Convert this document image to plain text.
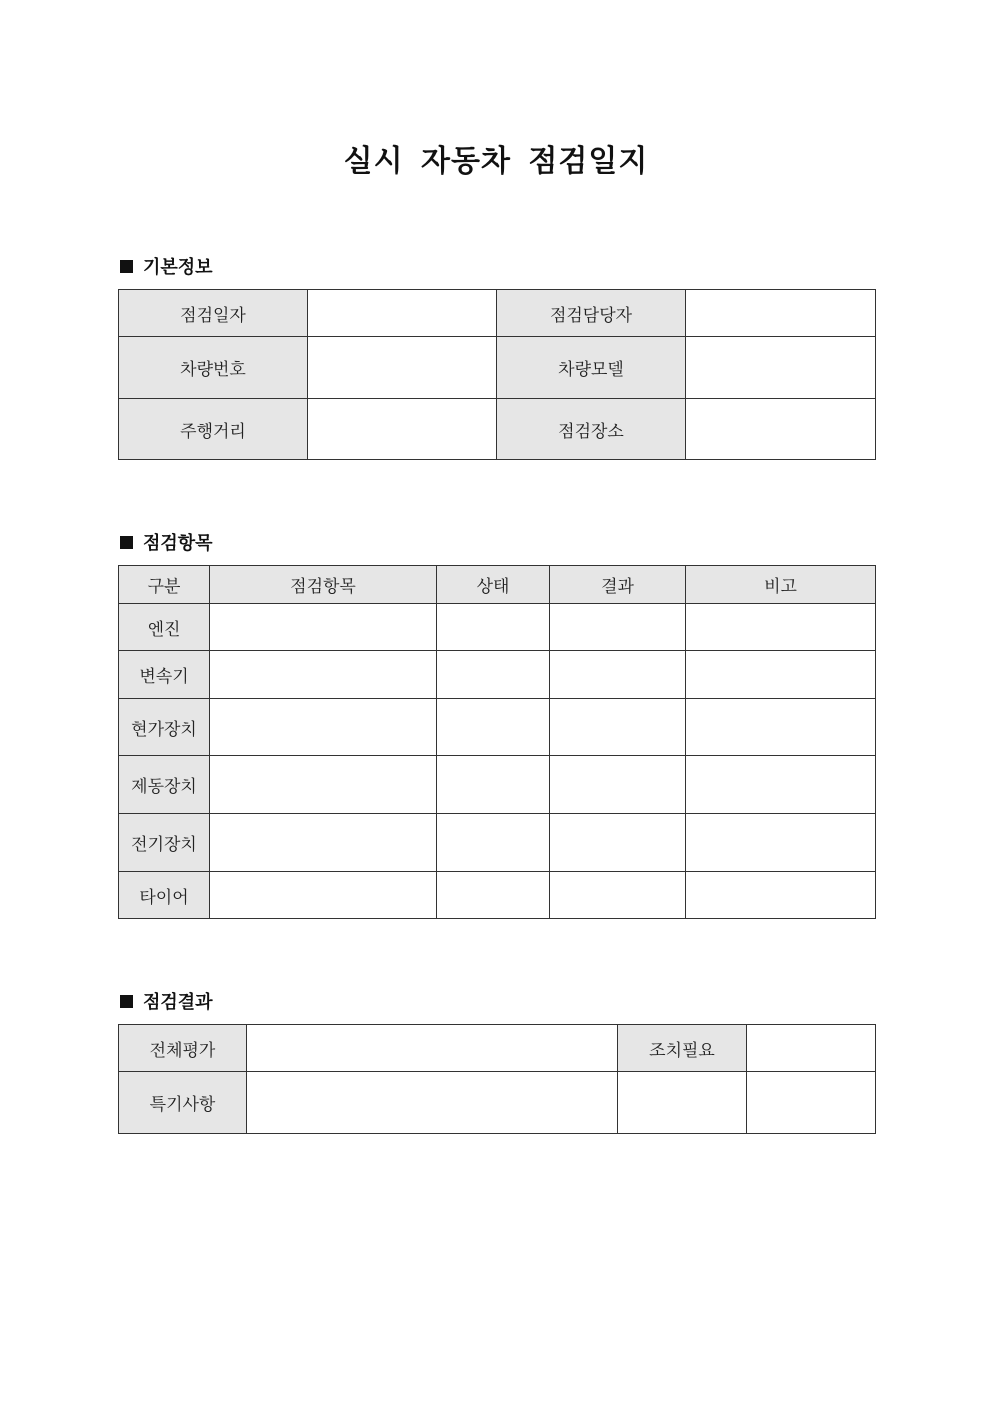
실시 자동차 점검일지
기본정보
점검일자		점검담당자	
차량번호		차량모델	
주행거리		점검장소	
점검항목
구분	점검항목	상태	결과	비고
엔진				
변속기				
현가장치				
제동장치				
전기장치				
타이어				
점검결과
전체평가		조치필요	
특기사항			
